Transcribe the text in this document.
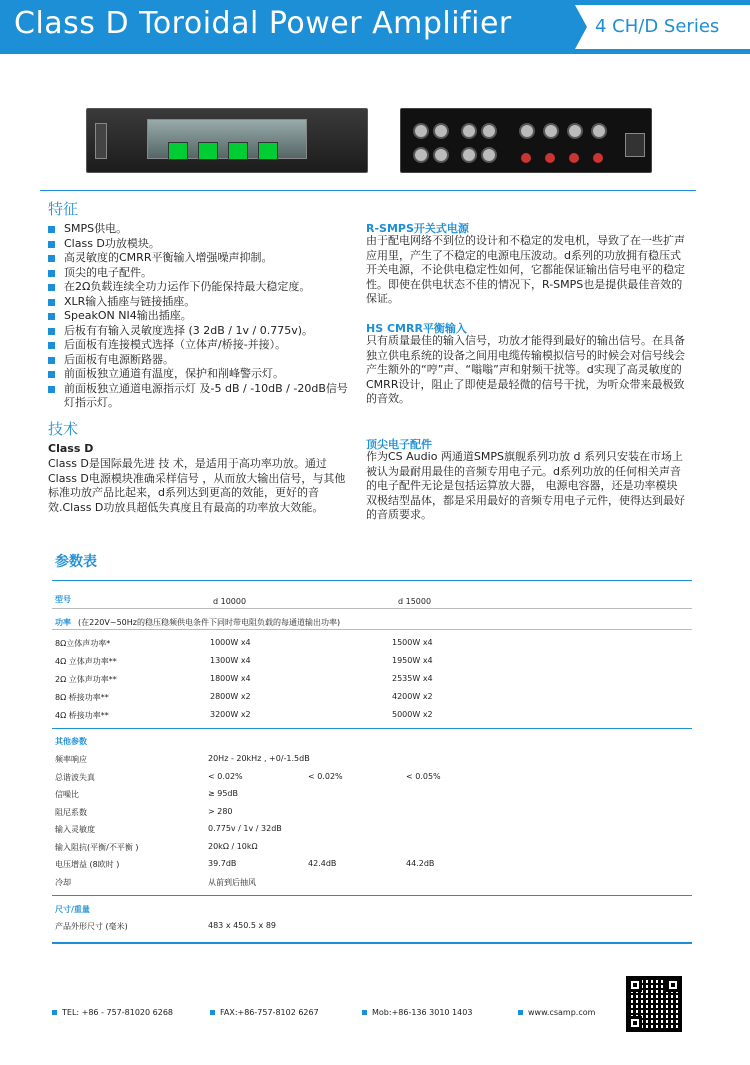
Class D Toroidal Power Amplifier	4 CH/D Series
特征
SMPS供电。
Class D功放模块。
高灵敏度的CMRR平衡输入增强噪声抑制。
顶尖的电子配件。
在2Ω负载连续全功力运作下仍能保持最大稳定度。
XLR输入插座与链接插座。
SpeakON NI4输出插座。
后板有有输入灵敏度选择 (3 2dB / 1v / 0.775v)。
后面板有连接模式选择（立体声/桥接-并接）。
后面板有电源断路器。
前面板独立通道有温度，保护和削峰警示灯。
前面板独立通道电源指示灯 及-5 dB / -10dB / -20dB信号灯指示灯。
技术
Class D
Class D是国际最先进 技 术，是适用于高功率功放。通过Class D电源模块准确采样信号 ，从而放大输出信号，与其他标准功放产品比起来，d系列达到更高的效能，更好的音效.Class D功放具超低失真度且有最高的功率放大效能。
R-SMPS开关式电源
由于配电网络不到位的设计和不稳定的发电机，导致了在一些扩声应用里，产生了不稳定的电源电压波动。d系列的功放拥有稳压式开关电源，不论供电稳定性如何，它都能保证输出信号电平的稳定性。即使在供电状态不佳的情况下，R-SMPS也是提供最佳音效的保证。
HS CMRR平衡输入
只有质量最佳的输入信号，功放才能得到最好的输出信号。在具备独立供电系统的设备之间用电缆传输模拟信号的时候会对信号线会产生额外的“哼”声、“嗡嗡”声和射频干扰等。d实现了高灵敏度的CMRR设计，阻止了即使是最轻微的信号干扰，为听众带来最极致的音效。
顶尖电子配件
作为CS Audio 两通道SMPS旗舰系列功放 d 系列只安装在市场上被认为最耐用最佳的音频专用电子元。d系列功放的任何相关声音的电子配件无论是包括运算放大器， 电源电容器，还是功率模块双极结型晶体，都是采用最好的音频专用电子元件，使得达到最好的音质要求。
参数表
型号	d 10000	d 15000
功率 (在220V~50Hz的稳压稳频供电条件下同时带电阻负载的每通道输出功率)
8Ω立体声功率*	1000W x4	1500W x4
4Ω 立体声功率**	1300W x4	1950W x4
2Ω 立体声功率**	1800W x4	2535W x4
8Ω 桥接功率**	2800W x2	4200W x2
4Ω 桥接功率**	3200W x2	5000W x2
其他参数
频率响应	20Hz - 20kHz , +0/-1.5dB
总谐波失真	< 0.02%	< 0.02%	< 0.05%
信噪比	≥ 95dB
阻尼系数	> 280
输入灵敏度	0.775v / 1v / 32dB
输入阻抗(平衡/不平衡 )	20kΩ / 10kΩ
电压增益 (8欧时 )	39.7dB	42.4dB	44.2dB
冷却	从前到后抽风
尺寸/重量
产品外形尺寸 (毫米)	483 x 450.5 x 89
TEL: +86 - 757-81020 6268	FAX:+86-757-8102 6267	Mob:+86-136 3010 1403	www.csamp.com
